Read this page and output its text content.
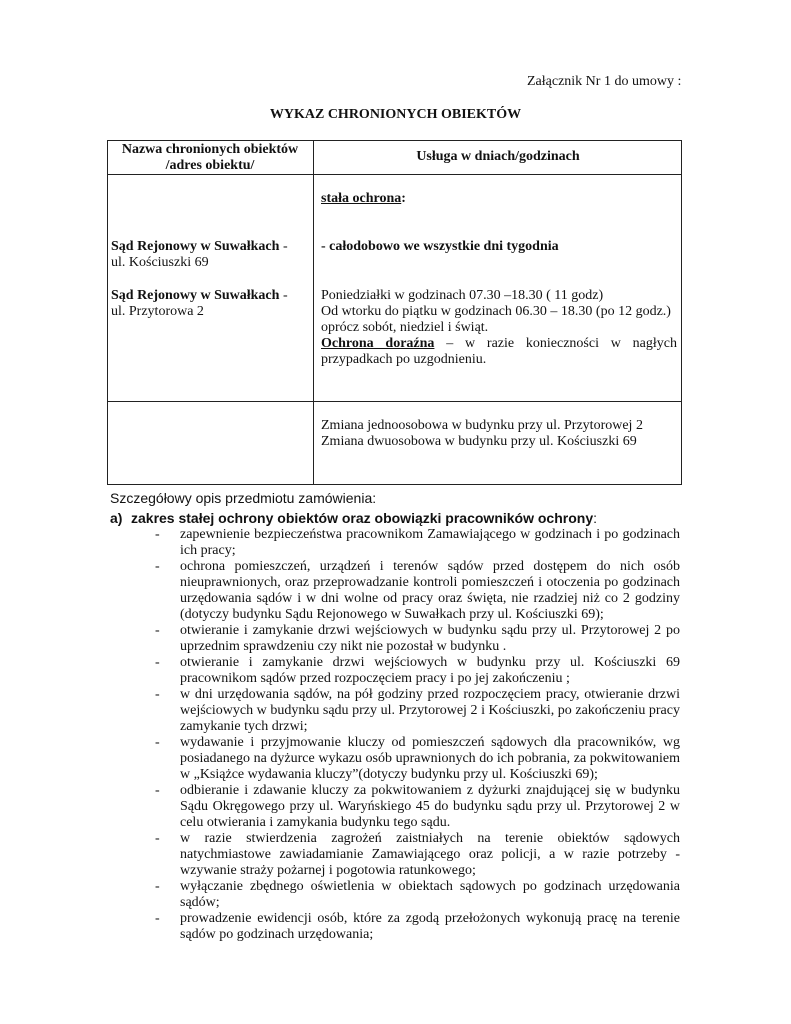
Załącznik Nr 1 do umowy :
WYKAZ CHRONIONYCH OBIEKTÓW
Nazwa chronionych obiektów
/adres obiektu/
Usługa w dniach/godzinach
Sąd Rejonowy w Suwałkach -
ul. Kościuszki 69
Sąd Rejonowy w Suwałkach -
ul. Przytorowa 2
stała ochrona:
- całodobowo we wszystkie dni tygodnia
Poniedziałki w godzinach 07.30 –18.30 ( 11 godz)
Od wtorku do piątku w godzinach 06.30 – 18.30 (po 12 godz.)
oprócz sobót, niedziel i świąt.
Ochrona doraźna – w razie konieczności w nagłych przypadkach po uzgodnieniu.
Zmiana jednoosobowa w budynku przy ul. Przytorowej 2
Zmiana dwuosobowa w budynku przy ul. Kościuszki 69
Szczegółowy opis przedmiotu zamówienia:
a) zakres stałej ochrony obiektów oraz obowiązki pracowników ochrony:
- zapewnienie bezpieczeństwa pracownikom Zamawiającego w godzinach i po godzinach ich pracy;
- ochrona pomieszczeń, urządzeń i terenów sądów przed dostępem do nich osób nieuprawnionych, oraz przeprowadzanie kontroli pomieszczeń i otoczenia po godzinach urzędowania sądów i w dni wolne od pracy oraz święta, nie rzadziej niż co 2 godziny (dotyczy budynku Sądu Rejonowego w Suwałkach przy ul. Kościuszki 69);
- otwieranie i zamykanie drzwi wejściowych w budynku sądu przy ul. Przytorowej 2 po uprzednim sprawdzeniu czy nikt nie pozostał w budynku .
- otwieranie i zamykanie drzwi wejściowych w budynku przy ul. Kościuszki 69 pracownikom sądów przed rozpoczęciem pracy i po jej zakończeniu ;
- w dni urzędowania sądów, na pół godziny przed rozpoczęciem pracy, otwieranie drzwi wejściowych w budynku sądu przy ul. Przytorowej 2 i Kościuszki, po zakończeniu pracy zamykanie tych drzwi;
- wydawanie i przyjmowanie kluczy od pomieszczeń sądowych dla pracowników, wg posiadanego na dyżurce wykazu osób uprawnionych do ich pobrania, za pokwitowaniem w „Książce wydawania kluczy”(dotyczy budynku przy ul. Kościuszki 69);
- odbieranie i zdawanie kluczy za pokwitowaniem z dyżurki znajdującej się w budynku Sądu Okręgowego przy ul. Waryńskiego 45 do budynku sądu przy ul. Przytorowej 2 w celu otwierania i zamykania budynku tego sądu.
- w razie stwierdzenia zagrożeń zaistniałych na terenie obiektów sądowych natychmiastowe zawiadamianie Zamawiającego oraz policji, a w razie potrzeby - wzywanie straży pożarnej i pogotowia ratunkowego;
- wyłączanie zbędnego oświetlenia w obiektach sądowych po godzinach urzędowania sądów;
- prowadzenie ewidencji osób, które za zgodą przełożonych wykonują pracę na terenie sądów po godzinach urzędowania;
